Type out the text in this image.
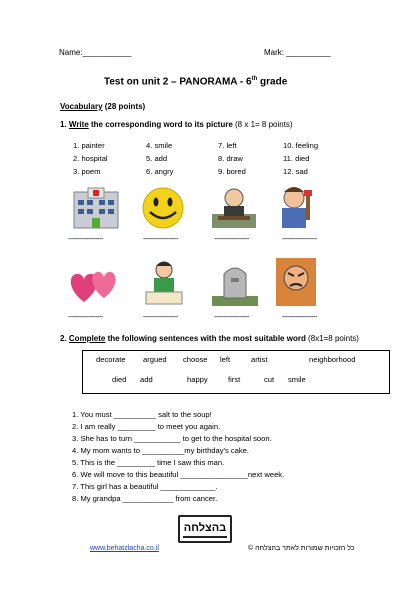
Name:___________	Mark: __________
Test on unit 2 – PANORAMA - 6th grade
Vocabulary (28 points)
1. Write the corresponding word to its picture (8 x 1= 8 points)
1. painter	4. smile	7. left	10. feeling
2. hospital	5. add	8. draw	11. died
3. poem	6. angry	9. bored	12. sad
-------------------	-------------------	-------------------	-------------------
-------------------	-------------------	-------------------	-------------------
2. Complete the following sentences with the most suitable word (8x1=8 points)
decorate argued choose left	artist	neighborhood
died add	happy	first	cut smile
1. You must __________ salt to the soup!
2. I am really _________ to meet you again.
3. She has to turn ___________ to get to the hospital soon.
4. My mom wants to __________my birthday's cake.
5. This is the _________ time I saw this man.
6. We will move to this beautiful ________________next week.
7. This girl has a beautiful _____________.
8. My grandpa ____________ from cancer.
בהצלחה
www.behatzlacha.co.il	כל הזכויות שמורות לאתר בהצלחה ©
